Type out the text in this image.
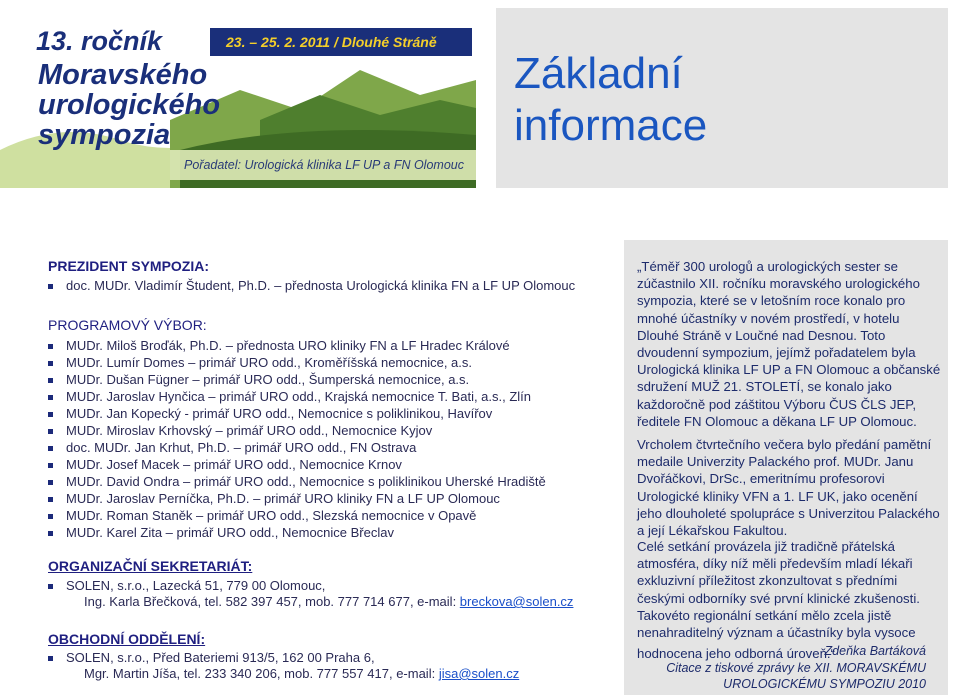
13. ročník	23. – 25. 2. 2011 / Dlouhé Stráně
Moravského
urologického
sympozia
Pořadatel: Urologická klinika LF UP a FN Olomouc
Základní
informace
PREZIDENT SYMPOZIA:
doc. MUDr. Vladimír Študent, Ph.D. – přednosta Urologická klinika FN a LF UP Olomouc
PROGRAMOVÝ VÝBOR:
MUDr. Miloš Broďák, Ph.D. – přednosta URO kliniky FN a LF Hradec Králové
MUDr. Lumír Domes – primář URO odd., Kroměříšská nemocnice, a.s.
MUDr. Dušan Fügner – primář URO odd., Šumperská nemocnice, a.s.
MUDr. Jaroslav Hynčica – primář URO odd., Krajská nemocnice T. Bati, a.s., Zlín
MUDr. Jan Kopecký - primář URO odd., Nemocnice s poliklinikou, Havířov
MUDr. Miroslav Krhovský – primář URO odd., Nemocnice Kyjov
doc. MUDr. Jan Krhut, Ph.D. – primář URO odd., FN Ostrava
MUDr. Josef Macek – primář URO odd., Nemocnice Krnov
MUDr. David Ondra – primář URO odd., Nemocnice s poliklinikou Uherské Hradiště
MUDr. Jaroslav Perníčka, Ph.D. – primář URO kliniky FN a LF UP Olomouc
MUDr. Roman Staněk – primář URO odd., Slezská nemocnice v Opavě
MUDr. Karel Zita – primář URO odd., Nemocnice Břeclav
ORGANIZAČNÍ SEKRETARIÁT:
SOLEN, s.r.o., Lazecká 51, 779 00 Olomouc,
Ing. Karla Břečková, tel. 582 397 457, mob. 777 714 677, e-mail: breckova@solen.cz
OBCHODNÍ ODDĚLENÍ:
SOLEN, s.r.o., Před Bateriemi 913/5, 162 00 Praha 6,
Mgr. Martin Jíša, tel. 233 340 206, mob. 777 557 417, e-mail: jisa@solen.cz
„Téměř 300 urologů a urologických sester se
zúčastnilo XII. ročníku moravského urologického
sympozia, které se v letošním roce konalo pro
mnohé účastníky v novém prostředí, v hotelu
Dlouhé Stráně v Loučné nad Desnou. Toto
dvoudenní sympozium, jejímž pořadatelem byla
Urologická klinika LF UP a FN Olomouc a občanské
sdružení MUŽ 21. STOLETÍ, se konalo jako
každoročně pod záštitou Výboru ČUS ČLS JEP,
ředitele FN Olomouc a děkana LF UP Olomouc.
Vrcholem čtvrtečního večera bylo předání pamětní
medaile Univerzity Palackého prof. MUDr. Janu
Dvořáčkovi, DrSc., emeritnímu profesorovi
Urologické kliniky VFN a 1. LF UK, jako ocenění
jeho dlouholeté spolupráce s Univerzitou Palackého
a její Lékařskou Fakultou.
Celé setkání provázela již tradičně přátelská
atmosféra, díky níž měli především mladí lékaři
exkluzivní příležitost zkonzultovat s předními
českými odborníky své první klinické zkušenosti.
Takovéto regionální setkání mělo zcela jistě
nenahraditelný význam a účastníky byla vysoce
hodnocena jeho odborná úroveň.“
Zdeňka Bartáková
Citace z tiskové zprávy ke XII. MORAVSKÉMU
UROLOGICKÉMU SYMPOZIU 2010
